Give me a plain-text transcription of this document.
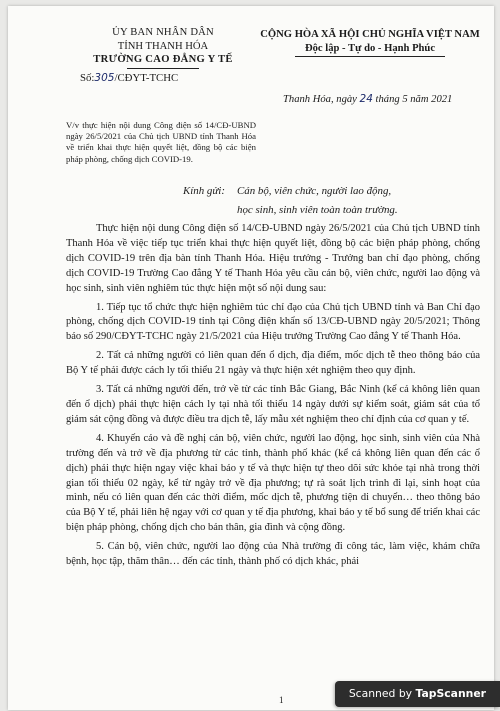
ỦY BAN NHÂN DÂN
TỈNH THANH HÓA
TRƯỜNG CAO ĐẲNG Y TẾ
CỘNG HÒA XÃ HỘI CHỦ NGHĨA VIỆT NAM
Độc lập - Tự do - Hạnh Phúc
Số:305/CĐYT-TCHC
Thanh Hóa, ngày 24 tháng 5 năm 2021
V/v thực hiện nội dung Công điện số 14/CĐ-UBND ngày 26/5/2021 của Chủ tịch UBND tỉnh Thanh Hóa về triển khai thực hiện quyết liệt, đồng bộ các biện pháp phòng, chống dịch COVID-19.
Kính gửi:	Cán bộ, viên chức, người lao động,
học sinh, sinh viên toàn toàn trường.

Thực hiện nội dung Công điện số 14/CĐ-UBND ngày 26/5/2021 của Chủ tịch UBND tỉnh Thanh Hóa về việc tiếp tục triển khai thực hiện quyết liệt, đồng bộ các biện pháp phòng, chống dịch COVID-19 trên địa bàn tỉnh Thanh Hóa. Hiệu trưởng - Trưởng ban chỉ đạo phòng, chống dịch COVID-19 Trường Cao đẳng Y tế Thanh Hóa yêu cầu cán bộ, viên chức, người lao động và học sinh, sinh viên nghiêm túc thực hiện một số nội dung sau:

1. Tiếp tục tổ chức thực hiện nghiêm túc chỉ đạo của Chủ tịch UBND tỉnh và Ban Chỉ đạo phòng, chống dịch COVID-19 tỉnh tại Công điện khẩn số 13/CĐ-UBND ngày 20/5/2021; Thông báo số 290/CĐYT-TCHC ngày 21/5/2021 của Hiệu trưởng Trường Cao đẳng Y tế Thanh Hóa.

2. Tất cả những người có liên quan đến ổ dịch, địa điểm, mốc dịch tễ theo thông báo của Bộ Y tế phải được cách ly tối thiểu 21 ngày và thực hiện xét nghiệm theo quy định.

3. Tất cả những người đến, trở về từ các tỉnh Bắc Giang, Bắc Ninh (kể cả không liên quan đến ổ dịch) phải thực hiện cách ly tại nhà tối thiểu 14 ngày dưới sự kiểm soát, giám sát của tổ giám sát cộng đồng và được điều tra dịch tễ, lấy mẫu xét nghiệm theo chỉ định của cơ quan y tế.

4. Khuyến cáo và đề nghị cán bộ, viên chức, người lao động, học sinh, sinh viên của Nhà trường đến và trở về địa phương từ các tỉnh, thành phố khác (kể cả không liên quan đến các ổ dịch) phải thực hiện ngay việc khai báo y tế và thực hiện tự theo dõi sức khỏe tại nhà trong thời gian tối thiểu 02 ngày, kể từ ngày trở về địa phương; tự rà soát lịch trình đi lại, sinh hoạt của mình, nếu có liên quan đến các thời điểm, mốc dịch tễ, phương tiện di chuyển… theo thông báo của Bộ Y tế, phải liên hệ ngay với cơ quan y tế địa phương, khai báo y tế bổ sung để triển khai các biện pháp phòng, chống dịch cho bản thân, gia đình và cộng đồng.

5. Cán bộ, viên chức, người lao động của Nhà trường đi công tác, làm việc, khám chữa bệnh, học tập, thăm thân… đến các tỉnh, thành phố có dịch khác, phải

1	Scanned by TapScanner
